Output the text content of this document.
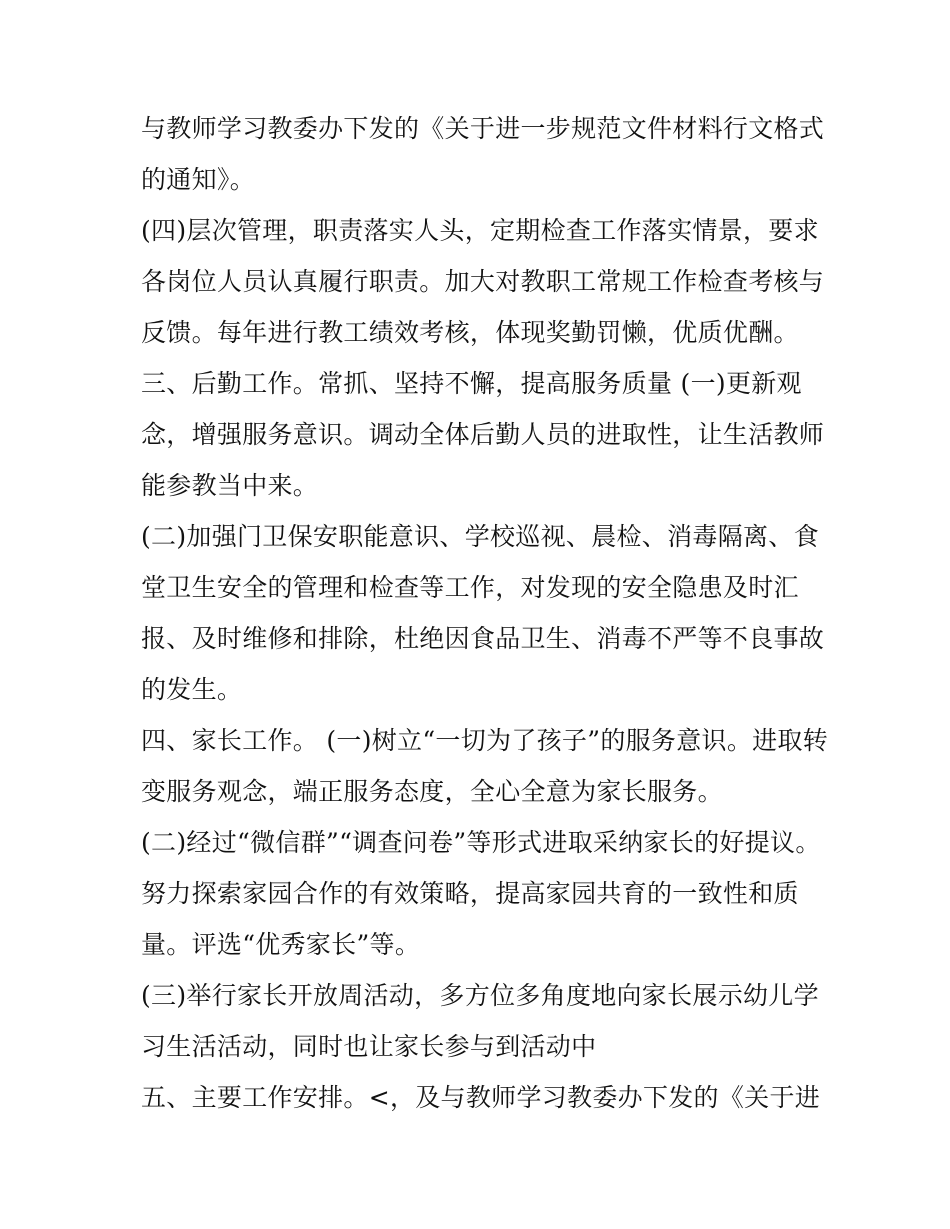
与教师学习教委办下发的《关于进一步规范文件材料行文格式
的通知》。
(四)层次管理，职责落实人头，定期检查工作落实情景，要求
各岗位人员认真履行职责。加大对教职工常规工作检查考核与
反馈。每年进行教工绩效考核，体现奖勤罚懒，优质优酬。
三、后勤工作。常抓、坚持不懈，提高服务质量 (一)更新观
念，增强服务意识。调动全体后勤人员的进取性，让生活教师
能参教当中来。
(二)加强门卫保安职能意识、学校巡视、晨检、消毒隔离、食
堂卫生安全的管理和检查等工作，对发现的安全隐患及时汇
报、及时维修和排除，杜绝因食品卫生、消毒不严等不良事故
的发生。
四、家长工作。 (一)树立“一切为了孩子”的服务意识。进取转
变服务观念，端正服务态度，全心全意为家长服务。
(二)经过“微信群”“调查问卷”等形式进取采纳家长的好提议。
努力探索家园合作的有效策略，提高家园共育的一致性和质
量。评选“优秀家长”等。
(三)举行家长开放周活动，多方位多角度地向家长展示幼儿学
习生活活动，同时也让家长参与到活动中
五、主要工作安排。<，及与教师学习教委办下发的《关于进
